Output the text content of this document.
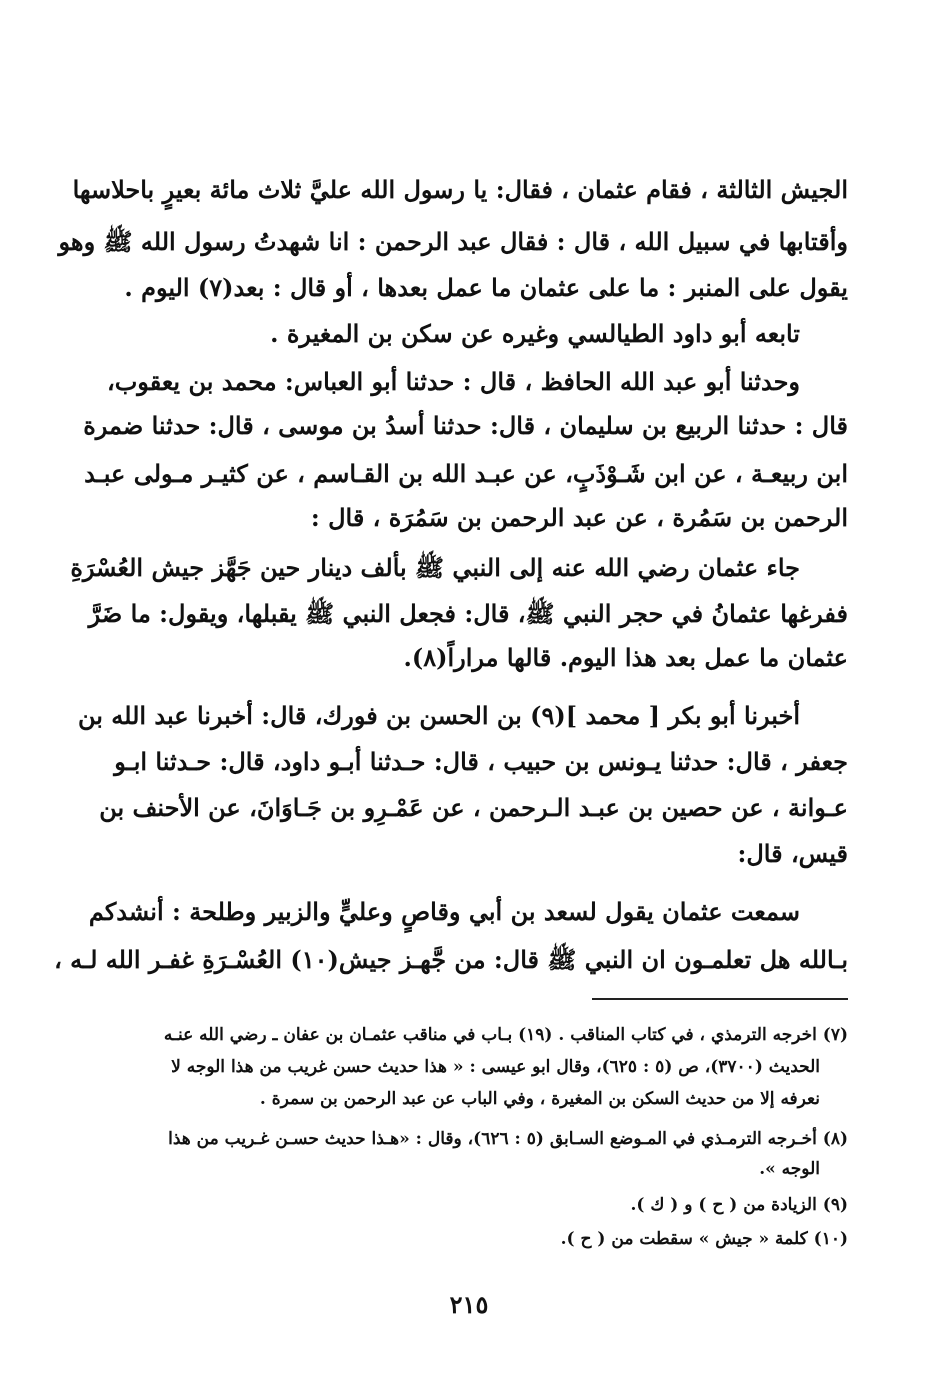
الجيش الثالثة ، فقام عثمان ، فقال: يا رسول الله عليَّ ثلاث مائة بعيرٍ باحلاسها
وأقتابها في سبيل الله ، قال : فقال عبد الرحمن : انا شهدتُ رسول الله ﷺ وهو
يقول على المنبر : ما على عثمان ما عمل بعدها ، أو قال : بعد(٧) اليوم .
تابعه أبو داود الطيالسي وغيره عن سكن بن المغيرة .
وحدثنا أبو عبد الله الحافظ ، قال : حدثنا أبو العباس: محمد بن يعقوب،
قال : حدثنا الربيع بن سليمان ، قال: حدثنا أسدُ بن موسى ، قال: حدثنا ضمرة
ابن ربيعـة ، عن ابن شَـوْذَبٍ، عن عبـد الله بن القـاسم ، عن كثيـر مـولى عبـد
الرحمن بن سَمُرة ، عن عبد الرحمن بن سَمُرَة ، قال :
جاء عثمان رضي الله عنه إلى النبي ﷺ بألف دينار حين جَهَّز جيش العُسْرَةِ
ففرغها عثمانُ في حجر النبي ﷺ، قال: فجعل النبي ﷺ يقبلها، ويقول: ما ضَرَّ
عثمان ما عمل بعد هذا اليوم. قالها مراراً(٨).
أخبرنا أبو بكر [ محمد ](٩) بن الحسن بن فورك، قال: أخبرنا عبد الله بن
جعفر ، قال: حدثنا يـونس بن حبيب ، قال: حـدثنا أبـو داود، قال: حـدثنا ابـو
عـوانة ، عن حصين بن عبـد الـرحمن ، عن عَمْـرِو بن جَـاوَانَ، عن الأحنف بن
قيس، قال:
سمعت عثمان يقول لسعد بن أبي وقاصٍ وعليٍّ والزبير وطلحة : أنشدكم
بـالله هل تعلمـون ان النبي ﷺ قال: من جَّهـز جيش(١٠) العُسْـرَةِ غفـر الله لـه ،
(٧) اخرجه الترمذي ، في كتاب المناقب . (١٩) بـاب في مناقب عثمـان بن عفان ـ رضي الله عنـه
الحديث (٣٧٠٠)، ص (٥ : ٦٢٥)، وقال ابو عيسى : « هذا حديث حسن غريب من هذا الوجه لا
نعرفه إلا من حديث السكن بن المغيرة ، وفي الباب عن عبد الرحمن بن سمرة .
(٨) أخـرجه الترمـذي في المـوضع السـابق (٥ : ٦٢٦)، وقال : «هـذا حديث حسـن غـريب من هذا
الوجه ».
(٩) الزيادة من ( ح ) و ( ك ).
(١٠) كلمة « جيش » سقطت من ( ح ).
٢١٥
